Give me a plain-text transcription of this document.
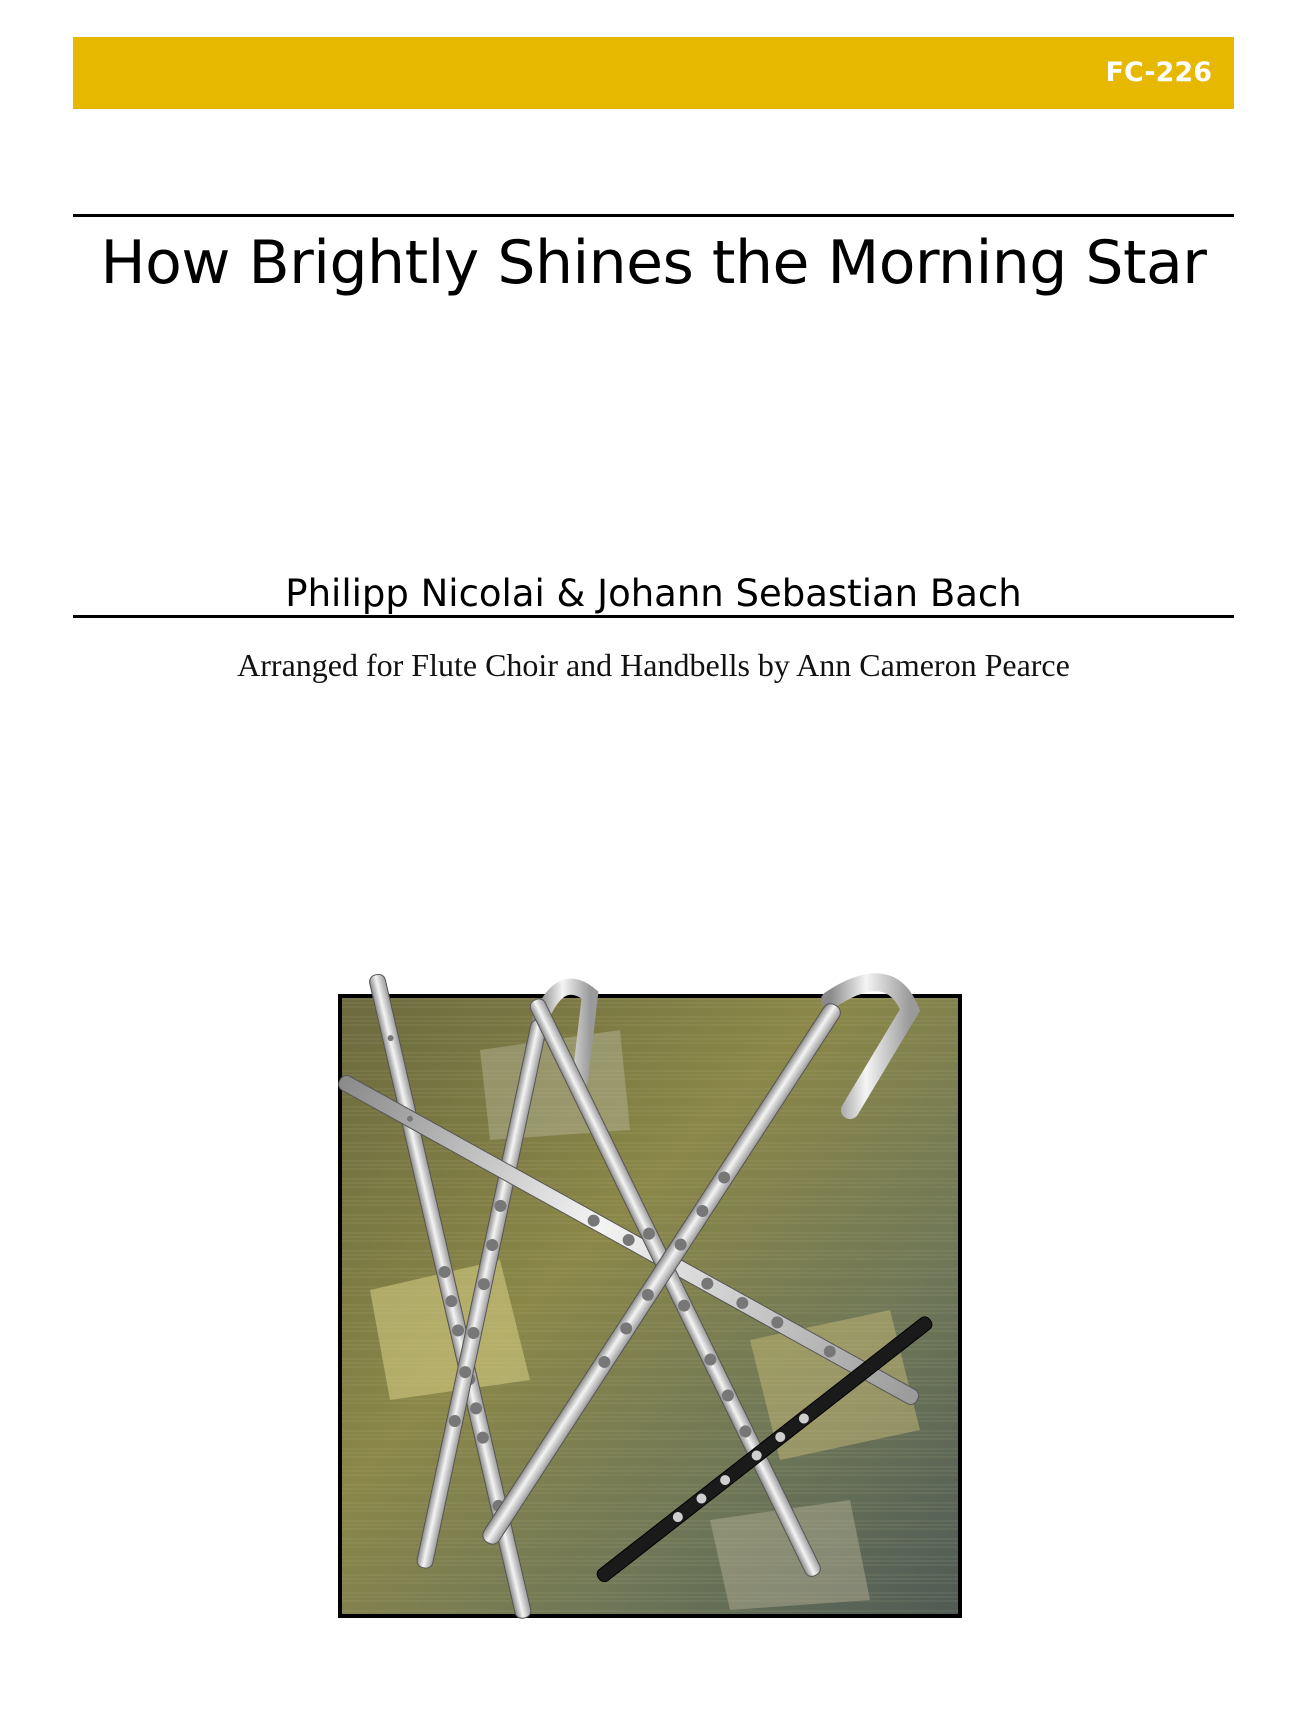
FC-226
How Brightly Shines the Morning Star
Philipp Nicolai & Johann Sebastian Bach
Arranged for Flute Choir and Handbells by Ann Cameron Pearce
